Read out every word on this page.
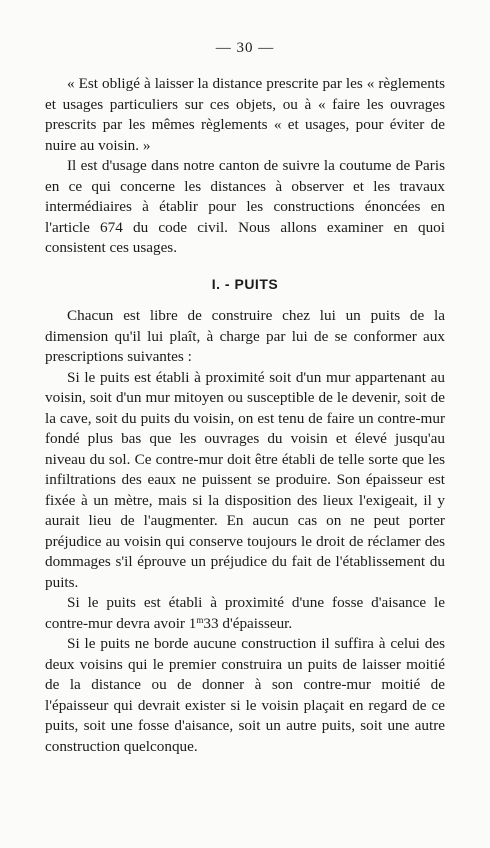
— 30 —

« Est obligé à laisser la distance prescrite par les « règlements et usages particuliers sur ces objets, ou à « faire les ouvrages prescrits par les mêmes règlements « et usages, pour éviter de nuire au voisin. »

Il est d'usage dans notre canton de suivre la coutume de Paris en ce qui concerne les distances à observer et les travaux intermédiaires à établir pour les constructions énoncées en l'article 674 du code civil. Nous allons examiner en quoi consistent ces usages.

I. - PUITS

Chacun est libre de construire chez lui un puits de la dimension qu'il lui plaît, à charge par lui de se conformer aux prescriptions suivantes :

Si le puits est établi à proximité soit d'un mur appartenant au voisin, soit d'un mur mitoyen ou susceptible de le devenir, soit de la cave, soit du puits du voisin, on est tenu de faire un contre-mur fondé plus bas que les ouvrages du voisin et élevé jusqu'au niveau du sol. Ce contre-mur doit être établi de telle sorte que les infiltrations des eaux ne puissent se produire. Son épaisseur est fixée à un mètre, mais si la disposition des lieux l'exigeait, il y aurait lieu de l'augmenter. En aucun cas on ne peut porter préjudice au voisin qui conserve toujours le droit de réclamer des dommages s'il éprouve un préjudice du fait de l'établissement du puits.

Si le puits est établi à proximité d'une fosse d'aisance le contre-mur devra avoir 1$^m$33 d'épaisseur.

Si le puits ne borde aucune construction il suffira à celui des deux voisins qui le premier construira un puits de laisser moitié de la distance ou de donner à son contre-mur moitié de l'épaisseur qui devrait exister si le voisin plaçait en regard de ce puits, soit une fosse d'aisance, soit un autre puits, soit une autre construction quelconque.
